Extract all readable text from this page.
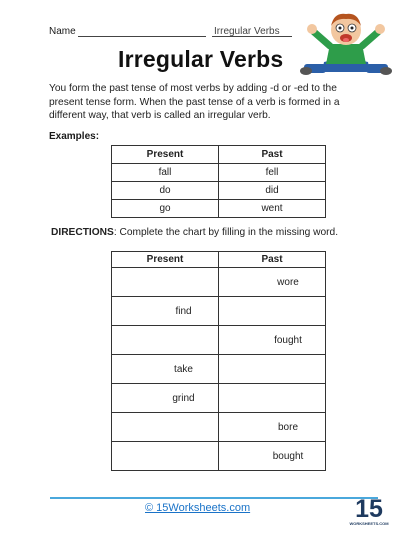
Name	Irregular Verbs
Irregular Verbs
You form the past tense of most verbs by adding -d or -ed to the present tense form. When the past tense of a verb is formed in a different way, that verb is called an irregular verb.
Examples:
Present	Past
fall	fell
do	did
go	went
DIRECTIONS: Complete the chart by filling in the missing word.
Present	Past
	wore
find	
	fought
take	
grind	
	bore
	bought
© 15Worksheets.com	15
WORKSHEETS.COM
